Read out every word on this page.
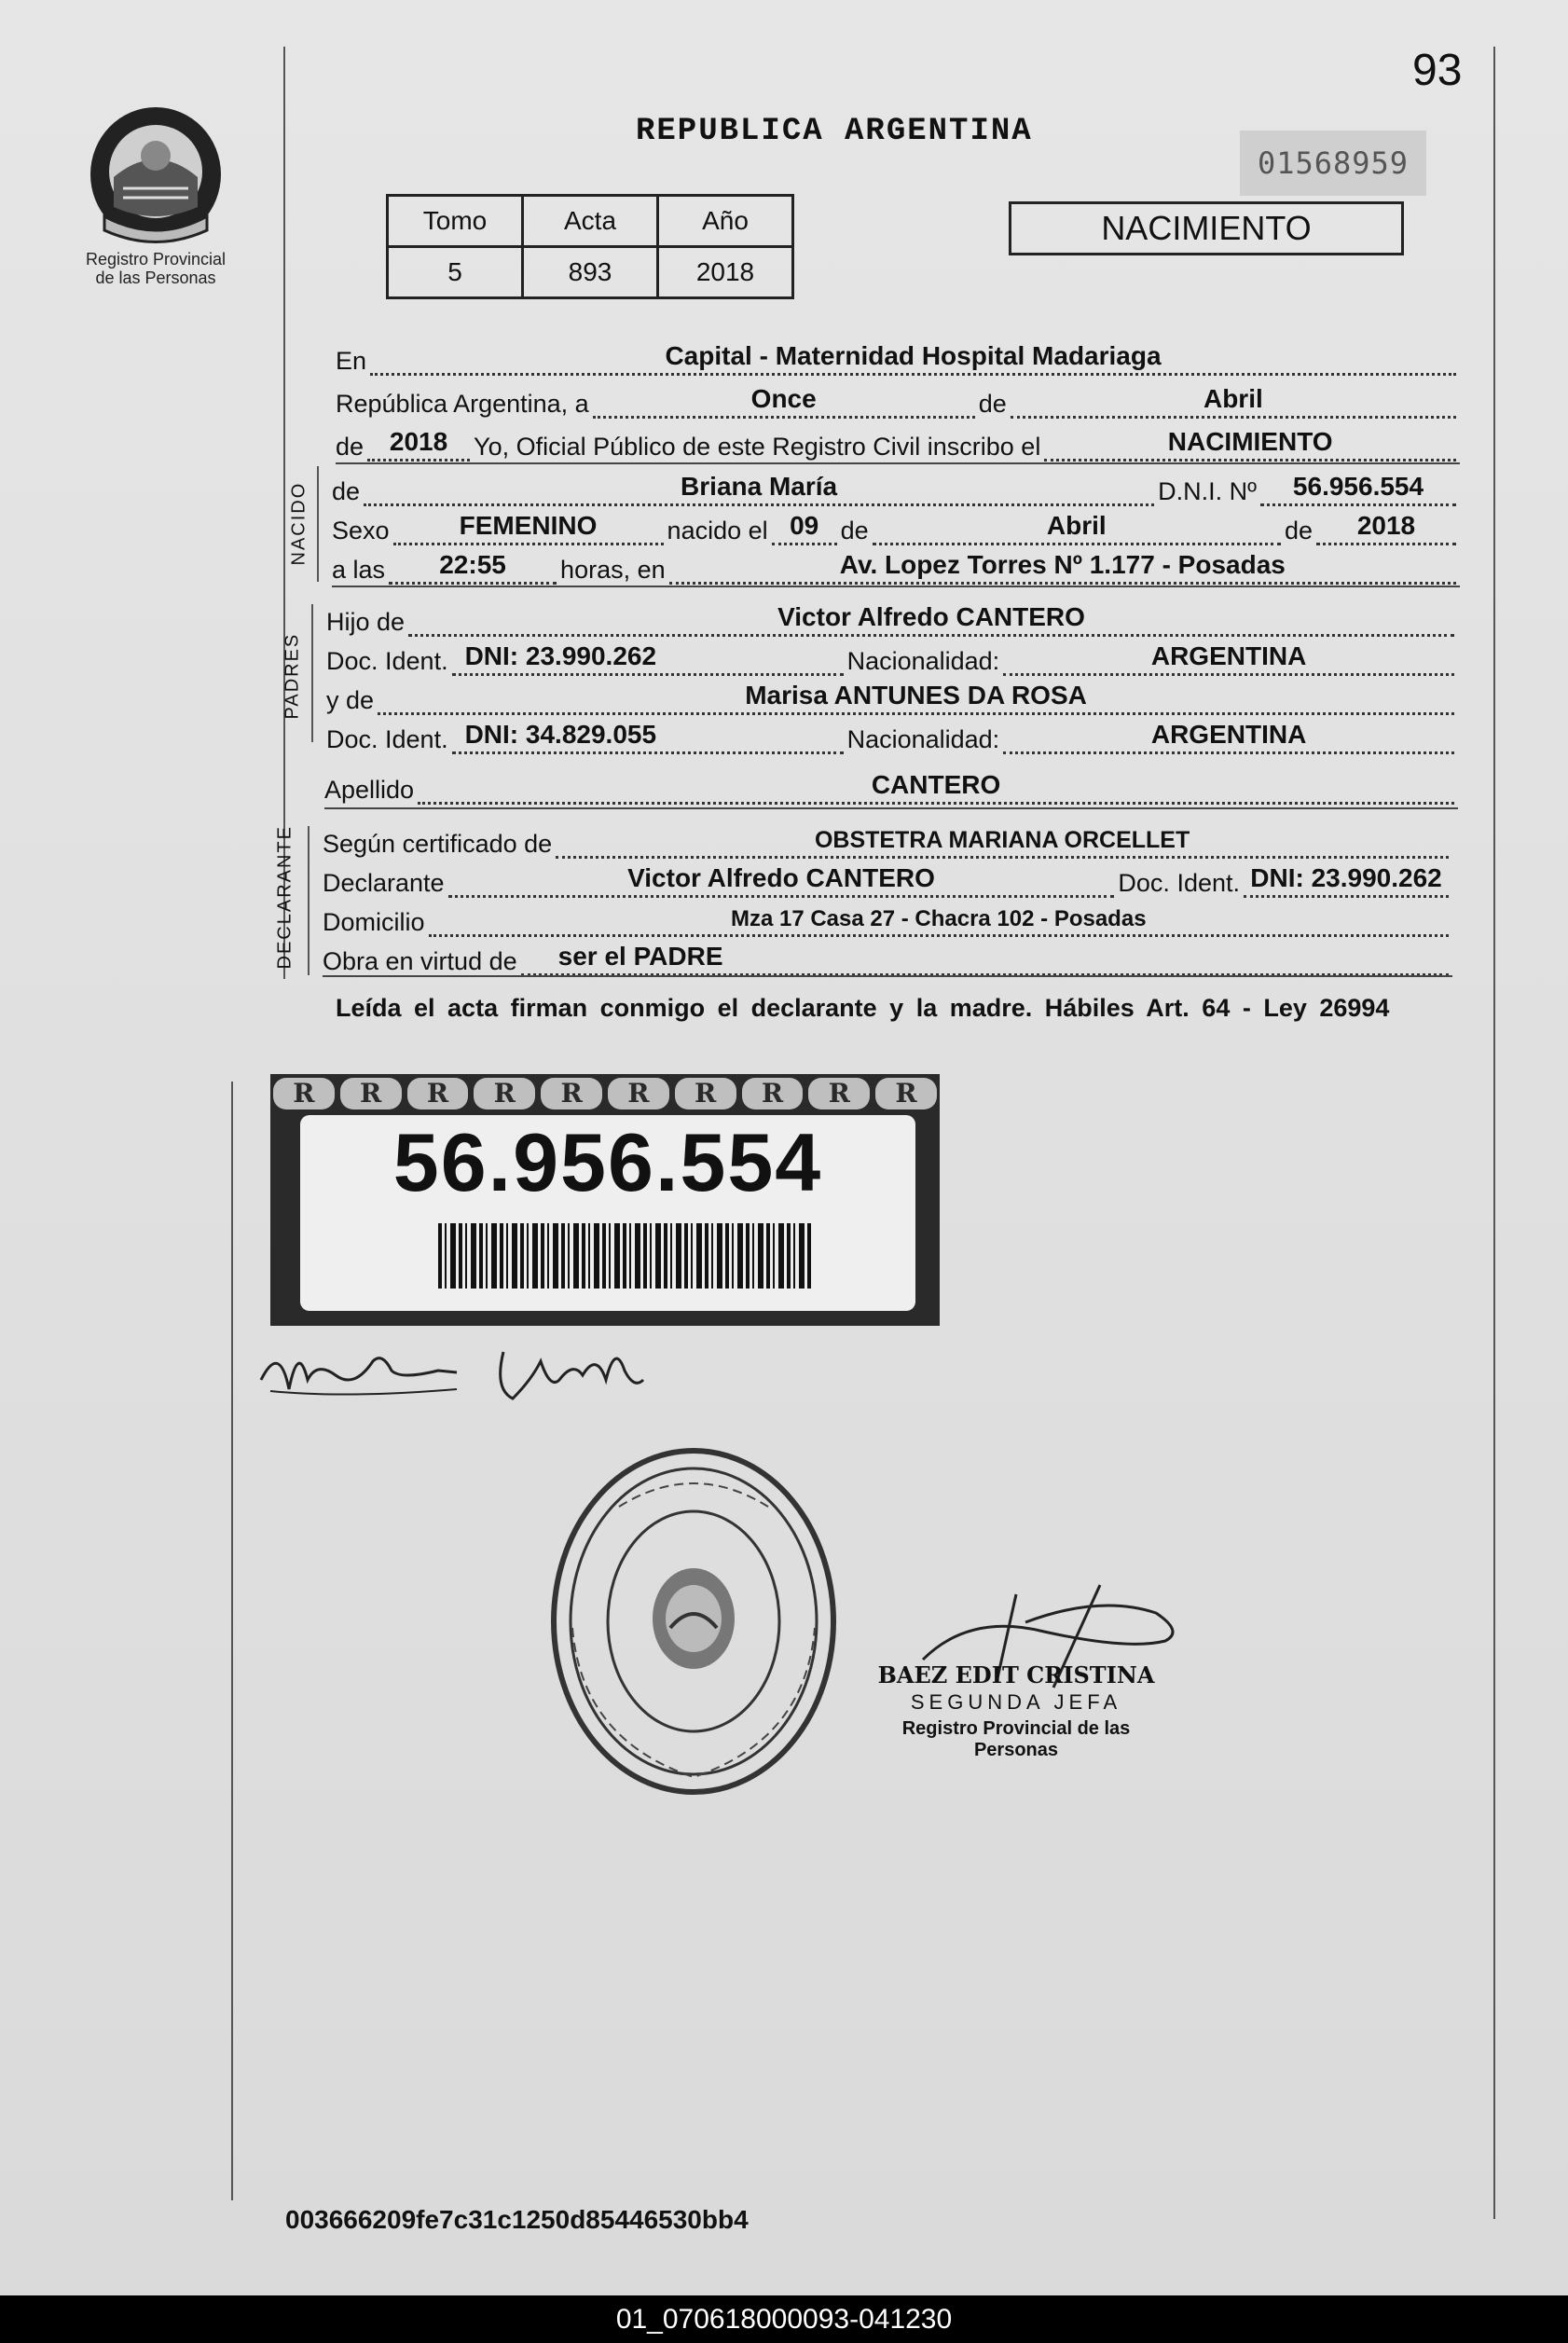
93
Registro Provincial de las Personas
REPUBLICA ARGENTINA
01568959
Tomo	Acta	Año
5	893	2018
NACIMIENTO
En	Capital - Maternidad Hospital Madariaga
República Argentina, a	Once	de	Abril
de 2018	Yo, Oficial Público de este Registro Civil inscribo el	NACIMIENTO
NACIDO de	Briana María	D.N.I. Nº	56.956.554
Sexo	FEMENINO	nacido el 09 de	Abril	de	2018
a las	22:55	horas, en	Av. Lopez Torres Nº 1.177 - Posadas
PADRES
Hijo de	Victor Alfredo CANTERO
Doc. Ident. DNI: 23.990.262	Nacionalidad:	ARGENTINA
y de	Marisa ANTUNES DA ROSA
Doc. Ident. DNI: 34.829.055	Nacionalidad:	ARGENTINA
Apellido	CANTERO
DECLARANTE Según certificado de	OBSTETRA MARIANA ORCELLET
Declarante	Victor Alfredo CANTERO	Doc. Ident. DNI: 23.990.262
Domicilio	Mza 17 Casa 27 - Chacra 102 - Posadas
Obra en virtud de ser el PADRE
Leída el acta firman conmigo el declarante y la madre. Hábiles Art. 64 - Ley 26994
R	R	R	R	R	R	R	R	R	R
56.956.554
BAEZ EDIT CRISTINA
SEGUNDA JEFA
Registro Provincial de las Personas
003666209fe7c31c1250d85446530bb4
01_070618000093-041230
